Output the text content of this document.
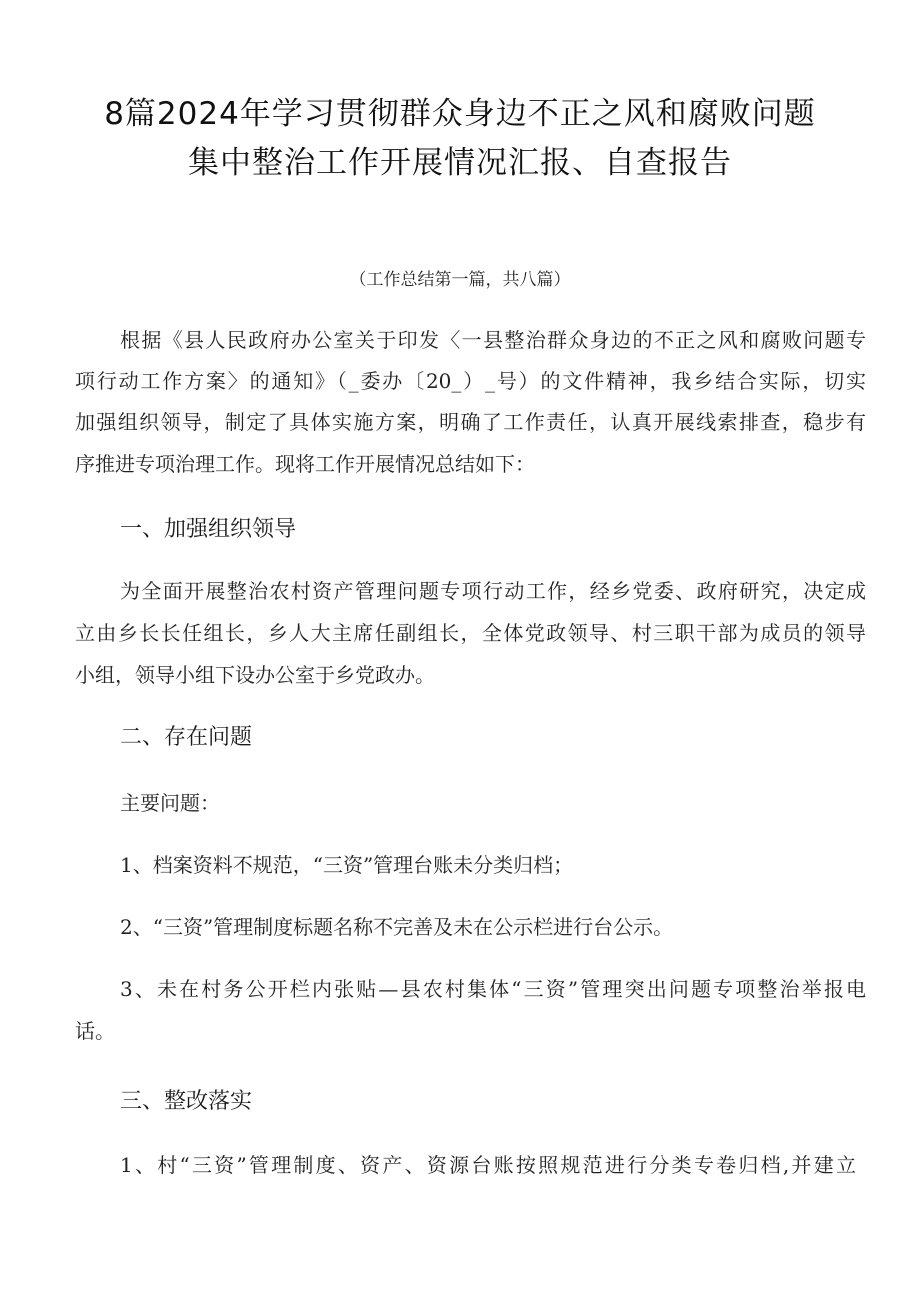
8篇2024年学习贯彻群众身边不正之风和腐败问题
集中整治工作开展情况汇报、自查报告
（工作总结第一篇，共八篇）
根据《县人民政府办公室关于印发〈一县整治群众身边的不正之风和腐败问题专
项行动工作方案〉的通知》（_委办〔20_）_号）的文件精神，我乡结合实际，切实
加强组织领导，制定了具体实施方案，明确了工作责任，认真开展线索排查，稳步有
序推进专项治理工作。现将工作开展情况总结如下：
一、加强组织领导
为全面开展整治农村资产管理问题专项行动工作，经乡党委、政府研究，决定成
立由乡长长任组长，乡人大主席任副组长，全体党政领导、村三职干部为成员的领导
小组，领导小组下设办公室于乡党政办。
二、存在问题
主要问题：
1、档案资料不规范，“三资”管理台账未分类归档；
2、“三资”管理制度标题名称不完善及未在公示栏进行台公示。
3、未在村务公开栏内张贴—县农村集体“三资”管理突出问题专项整治举报电
话。
三、整改落实
1、村“三资”管理制度、资产、资源台账按照规范进行分类专卷归档,并建立
